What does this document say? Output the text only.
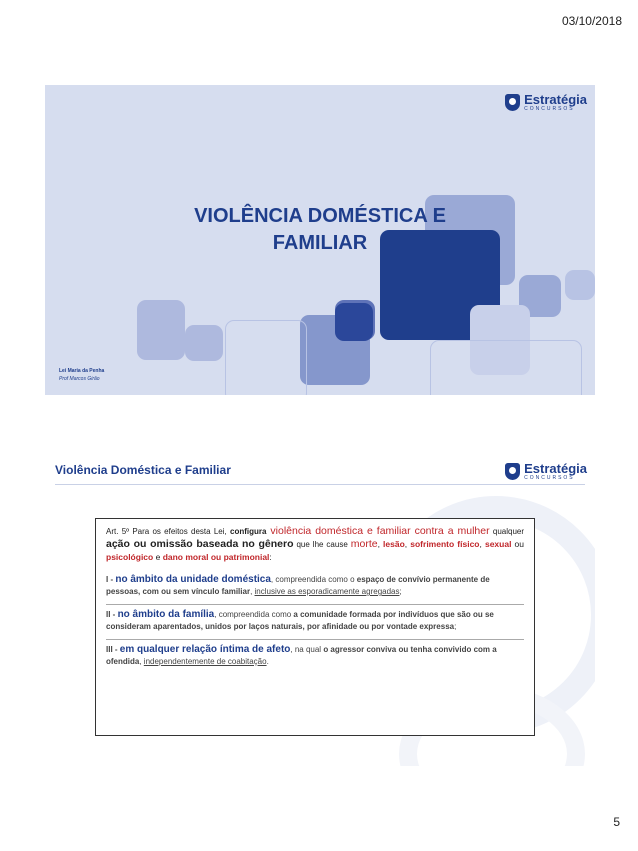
03/10/2018
Estratégia
CONCURSOS
VIOLÊNCIA DOMÉSTICA E
FAMILIAR
Lei Maria da Penha
Prof Marcos Girão
Violência Doméstica e Familiar	Estratégia
CONCURSOS
Art. 5º Para os efeitos desta Lei, configura violência doméstica e familiar contra a mulher qualquer ação ou omissão baseada no gênero que lhe cause morte, lesão, sofrimento físico, sexual ou psicológico e dano moral ou patrimonial:
I - no âmbito da unidade doméstica, compreendida como o espaço de convívio permanente de pessoas, com ou sem vínculo familiar, inclusive as esporadicamente agregadas;
II - no âmbito da família, compreendida como a comunidade formada por indivíduos que são ou se consideram aparentados, unidos por laços naturais, por afinidade ou por vontade expressa;
III - em qualquer relação íntima de afeto, na qual o agressor conviva ou tenha convivido com a ofendida, independentemente de coabitação.
5
